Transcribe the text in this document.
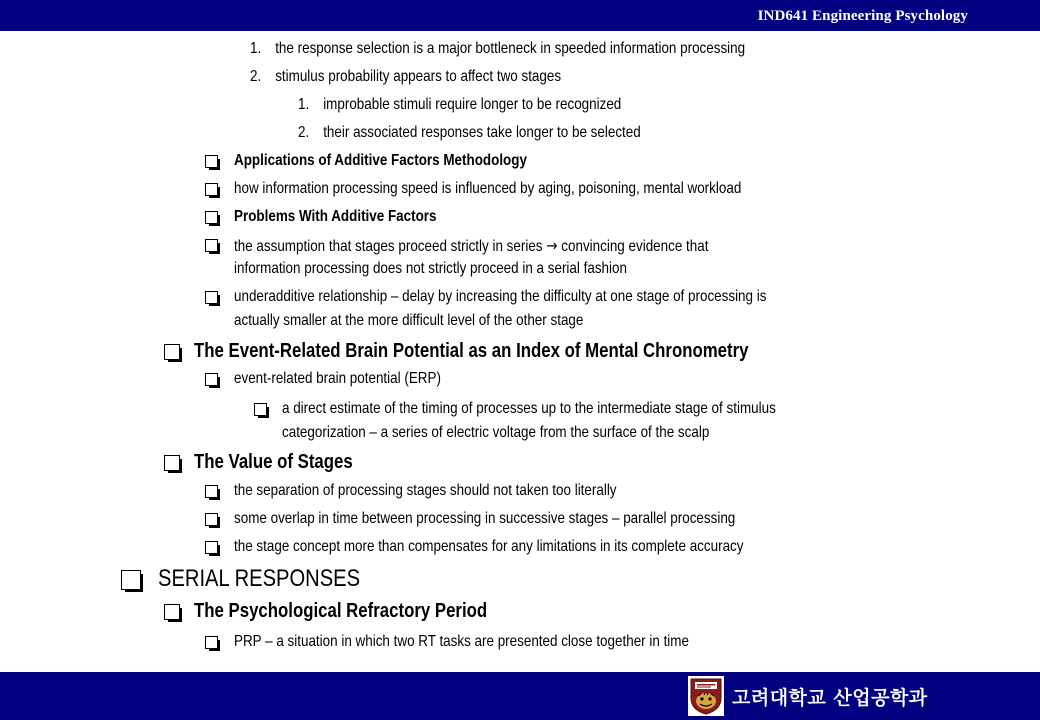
IND641 Engineering Psychology
1. the response selection is a major bottleneck in speeded information processing
2. stimulus probability appears to affect two stages
1. improbable stimuli require longer to be recognized
2. their associated responses take longer to be selected
Applications of Additive Factors Methodology
how information processing speed is influenced by aging, poisoning, mental workload
Problems With Additive Factors
the assumption that stages proceed strictly in series → convincing evidence that
information processing does not strictly proceed in a serial fashion
underadditive relationship – delay by increasing the difficulty at one stage of processing is
actually smaller at the more difficult level of the other stage
The Event-Related Brain Potential as an Index of Mental Chronometry
event-related brain potential (ERP)
a direct estimate of the timing of processes up to the intermediate stage of stimulus
categorization – a series of electric voltage from the surface of the scalp
The Value of Stages
the separation of processing stages should not taken too literally
some overlap in time between processing in successive stages – parallel processing
the stage concept more than compensates for any limitations in its complete accuracy
SERIAL RESPONSES
The Psychological Refractory Period
PRP – a situation in which two RT tasks are presented close together in time
고려대학교 산업공학과
